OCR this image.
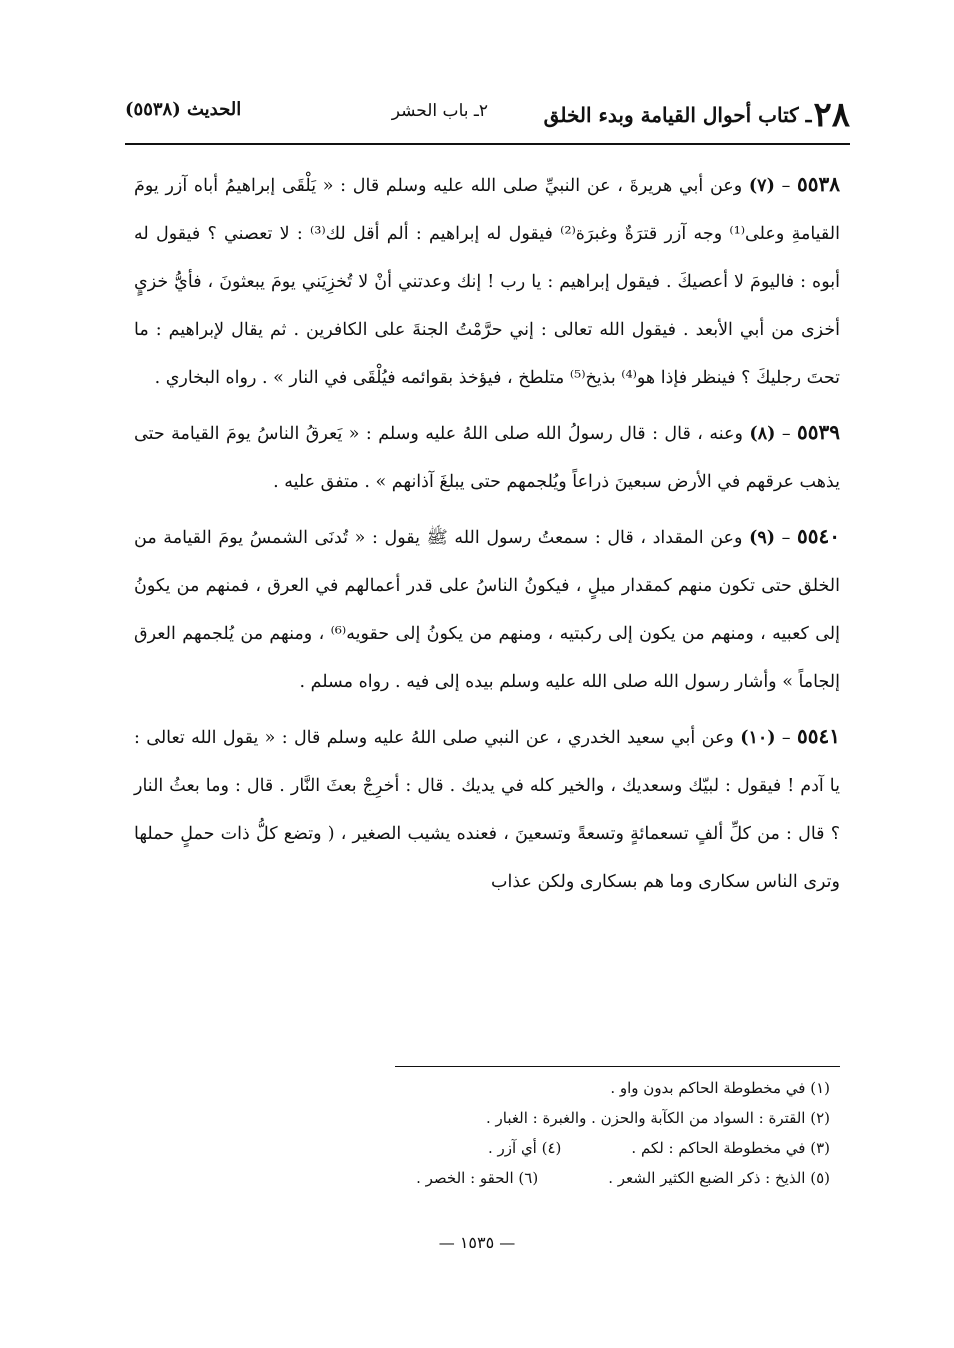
٢٨ـ كتاب أحوال القيامة وبدء الخلق
٢ـ باب الحشر
الحديث (٥٥٣٨)

٥٥٣٨ – (٧) وعن أبي هريرةَ ، عن النبيِّ صلى الله عليه وسلم قال : « يَلْقَى إبراهيمُ أباه آزر يومَ القيامةِ وعلى⁽¹⁾ وجه آزر قترَةٌ وغبرَة⁽²⁾ فيقول له إبراهيم : ألم أقل لك⁽³⁾ : لا تعصني ؟ فيقول له أبوه : فاليومَ لا أعصيكَ . فيقول إبراهيم : يا رب ! إنك وعدتني أنْ لا تُخزِيَني يومَ يبعثونَ ، فأيُّ خزيٍ أخزى من أبي الأبعد . فيقول الله تعالى : إني حرَّمْتُ الجنةَ على الكافرين . ثم يقال لإبراهيم : ما تحتَ رجليكَ ؟ فينظر فإذا هو⁽⁴⁾ بذيخ⁽⁵⁾ متلطخ ، فيؤخذ بقوائمه فيُلْقَى في النار » . رواه البخاري .

٥٥٣٩ – (٨) وعنه ، قال : قال رسولُ الله صلى اللهُ عليه وسلم : « يَعرقُ الناسُ يومَ القيامة حتى يذهب عرقهم في الأرض سبعينَ ذراعاً ويُلجمهم حتى يبلغَ آذانهم » . متفق عليه .

٥٥٤٠ – (٩) وعن المقداد ، قال : سمعتُ رسول الله ﷺ يقول : « تُدنَى الشمسُ يومَ القيامة من الخلق حتى تكون منهم كمقدار ميلٍ ، فيكونُ الناسُ على قدر أعمالهم في العرق ، فمنهم من يكونُ إلى كعبيه ، ومنهم من يكون إلى ركبتيه ، ومنهم من يكونُ إلى حقويه⁽⁶⁾ ، ومنهم من يُلجمهم العرق إلجاماً » وأشار رسول الله صلى الله عليه وسلم بيده إلى فيه . رواه مسلم .

٥٥٤١ – (١٠) وعن أبي سعيد الخدري ، عن النبي صلى اللهُ عليه وسلم قال : « يقول الله تعالى : يا آدم ! فيقول : لبيّك وسعديك ، والخير كله في يديك . قال : أخرِجْ بعثَ النَّار . قال : وما بعثُ النار ؟ قال : من كلِّ ألفٍ تسعمائةٍ وتسعةً وتسعينَ ، فعنده يشيب الصغير ، ( وتضع كلُّ ذات حملٍ حملها وترى الناس سكارى وما هم بسكارى ولكن عذاب

(١) في مخطوطة الحاكم بدون واو .
(٢) القترة : السواد من الكآبة والحزن . والغبرة : الغبار .
(٣) في مخطوطة الحاكم : لكم .
(٤) أي آزر .
(٥) الذيخ : ذكر الضبع الكثير الشعر .
(٦) الحقو : الخصر .
— ١٥٣٥ —
